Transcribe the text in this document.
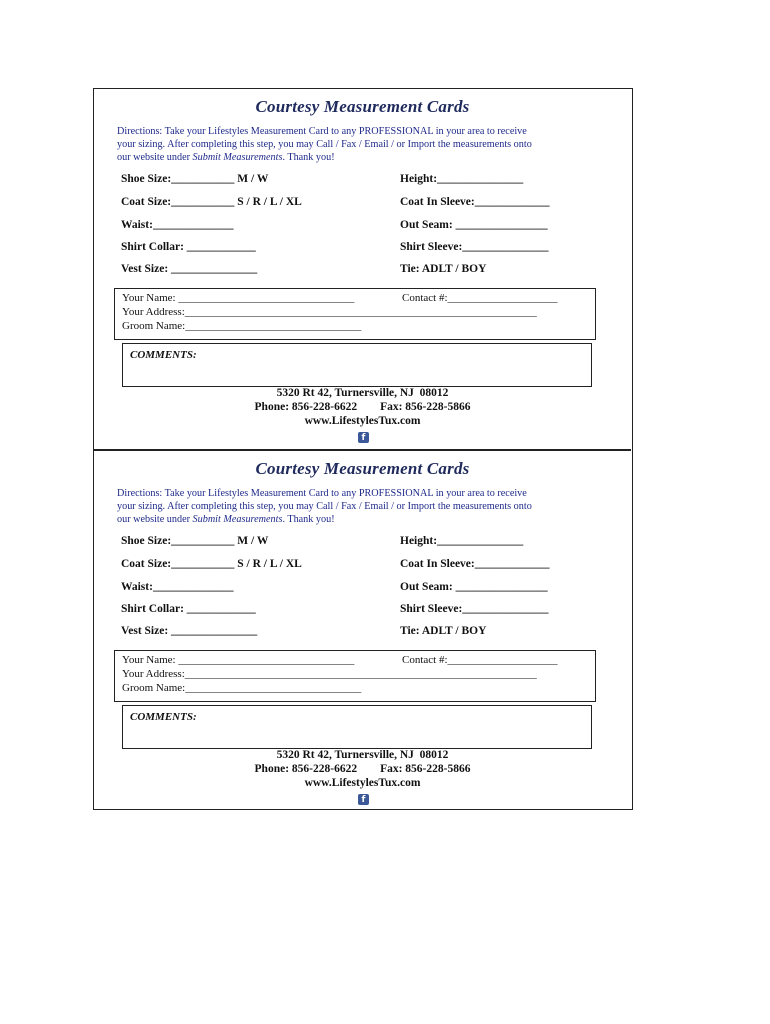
Courtesy Measurement Cards
Directions: Take your Lifestyles Measurement Card to any PROFESSIONAL in your area to receive
your sizing. After completing this step, you may Call / Fax / Email / or Import the measurements onto
our website under Submit Measurements. Thank you!
Shoe Size:___________ M / W
Coat Size:___________ S / R / L / XL
Waist:______________
Shirt Collar: ____________
Vest Size: _______________
Height:_______________
Coat In Sleeve:_____________
Out Seam: ________________
Shirt Sleeve:_______________
Tie: ADLT / BOY
Your Name: ________________________________	Contact #:____________________
Your Address:________________________________________________________________
Groom Name:________________________________
COMMENTS:
5320 Rt 42, Turnersville, NJ  08012
Phone: 856-228-6622        Fax: 856-228-5866
www.LifestylesTux.com
f
Courtesy Measurement Cards
Directions: Take your Lifestyles Measurement Card to any PROFESSIONAL in your area to receive
your sizing. After completing this step, you may Call / Fax / Email / or Import the measurements onto
our website under Submit Measurements. Thank you!
Shoe Size:___________ M / W
Coat Size:___________ S / R / L / XL
Waist:______________
Shirt Collar: ____________
Vest Size: _______________
Height:_______________
Coat In Sleeve:_____________
Out Seam: ________________
Shirt Sleeve:_______________
Tie: ADLT / BOY
Your Name: ________________________________	Contact #:____________________
Your Address:________________________________________________________________
Groom Name:________________________________
COMMENTS:
5320 Rt 42, Turnersville, NJ  08012
Phone: 856-228-6622        Fax: 856-228-5866
www.LifestylesTux.com
f
